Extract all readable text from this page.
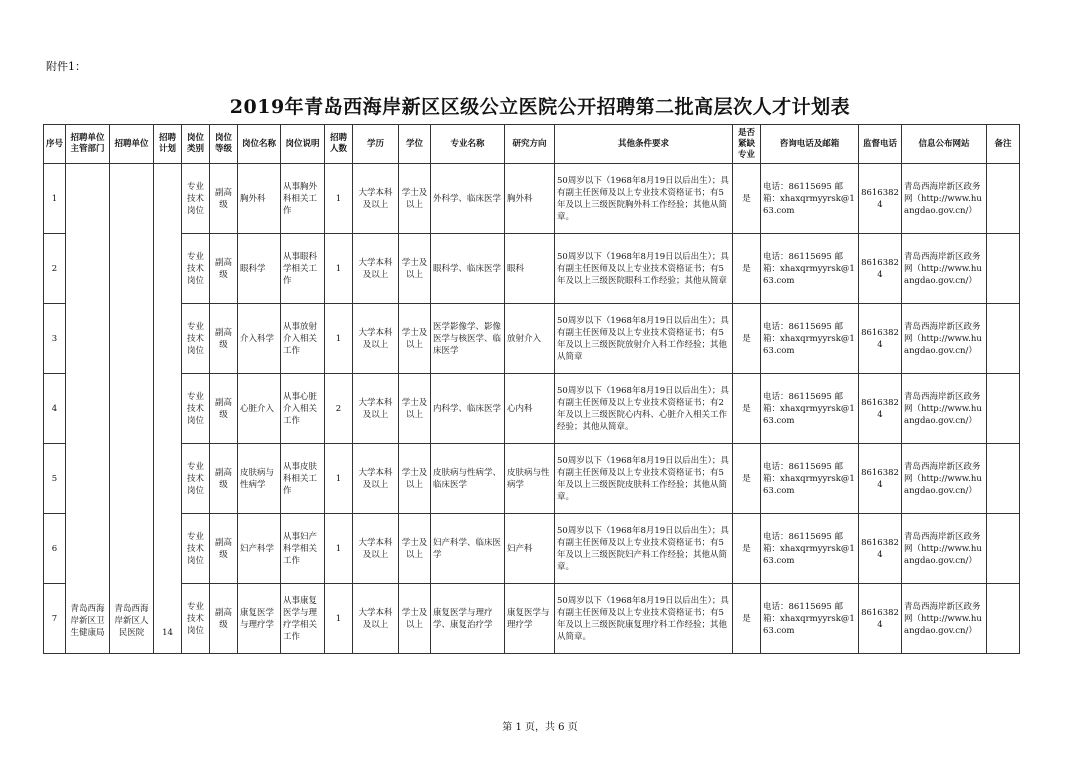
附件1：
2019年青岛西海岸新区区级公立医院公开招聘第二批高层次人才计划表
序号	招聘单位主管部门	招聘单位	招聘计划	岗位类别	岗位等级	岗位名称	岗位说明	招聘人数	学历	学位	专业名称	研究方向	其他条件要求	是否紧缺专业	咨询电话及邮箱	监督电话	信息公布网站	备注
1	青岛西海岸新区卫生健康局	青岛西海岸新区人民医院	14	专业技术岗位	副高级	胸外科	从事胸外科相关工作	1	大学本科及以上	学士及以上	外科学、临床医学	胸外科	50周岁以下（1968年8月19日以后出生）；具有副主任医师及以上专业技术资格证书；有5年及以上三级医院胸外科工作经验；其他从简章。	是	电话：86115695 邮箱：xhaxqrmyyrsk@163.com	86163824	青岛西海岸新区政务网（http://www.huangdao.gov.cn/）	
2				专业技术岗位	副高级	眼科学	从事眼科学相关工作	1	大学本科及以上	学士及以上	眼科学、临床医学	眼科	50周岁以下（1968年8月19日以后出生）；具有副主任医师及以上专业技术资格证书；有5年及以上三级医院眼科工作经验；其他从简章	是	电话：86115695 邮箱：xhaxqrmyyrsk@163.com	86163824	青岛西海岸新区政务网（http://www.huangdao.gov.cn/）	
3				专业技术岗位	副高级	介入科学	从事放射介入相关工作	1	大学本科及以上	学士及以上	医学影像学、影像医学与核医学、临床医学	放射介入	50周岁以下（1968年8月19日以后出生）；具有副主任医师及以上专业技术资格证书；有5年及以上三级医院放射介入科工作经验；其他从简章	是	电话：86115695 邮箱：xhaxqrmyyrsk@163.com	86163824	青岛西海岸新区政务网（http://www.huangdao.gov.cn/）	
4				专业技术岗位	副高级	心脏介入	从事心脏介入相关工作	2	大学本科及以上	学士及以上	内科学、临床医学	心内科	50周岁以下（1968年8月19日以后出生）；具有副主任医师及以上专业技术资格证书；有2年及以上三级医院心内科、心脏介入相关工作经验；其他从简章。	是	电话：86115695 邮箱：xhaxqrmyyrsk@163.com	86163824	青岛西海岸新区政务网（http://www.huangdao.gov.cn/）	
5				专业技术岗位	副高级	皮肤病与性病学	从事皮肤科相关工作	1	大学本科及以上	学士及以上	皮肤病与性病学、临床医学	皮肤病与性病学	50周岁以下（1968年8月19日以后出生）；具有副主任医师及以上专业技术资格证书；有5年及以上三级医院皮肤科工作经验；其他从简章。	是	电话：86115695 邮箱：xhaxqrmyyrsk@163.com	86163824	青岛西海岸新区政务网（http://www.huangdao.gov.cn/）	
6				专业技术岗位	副高级	妇产科学	从事妇产科学相关工作	1	大学本科及以上	学士及以上	妇产科学、临床医学	妇产科	50周岁以下（1968年8月19日以后出生）；具有副主任医师及以上专业技术资格证书；有5年及以上三级医院妇产科工作经验；其他从简章。	是	电话：86115695 邮箱：xhaxqrmyyrsk@163.com	86163824	青岛西海岸新区政务网（http://www.huangdao.gov.cn/）	
7				专业技术岗位	副高级	康复医学与理疗学	从事康复医学与理疗学相关工作	1	大学本科及以上	学士及以上	康复医学与理疗学、康复治疗学	康复医学与理疗学	50周岁以下（1968年8月19日以后出生）；具有副主任医师及以上专业技术资格证书；有5年及以上三级医院康复理疗科工作经验；其他从简章。	是	电话：86115695 邮箱：xhaxqrmyyrsk@163.com	86163824	青岛西海岸新区政务网（http://www.huangdao.gov.cn/）	
第 1 页，共 6 页
